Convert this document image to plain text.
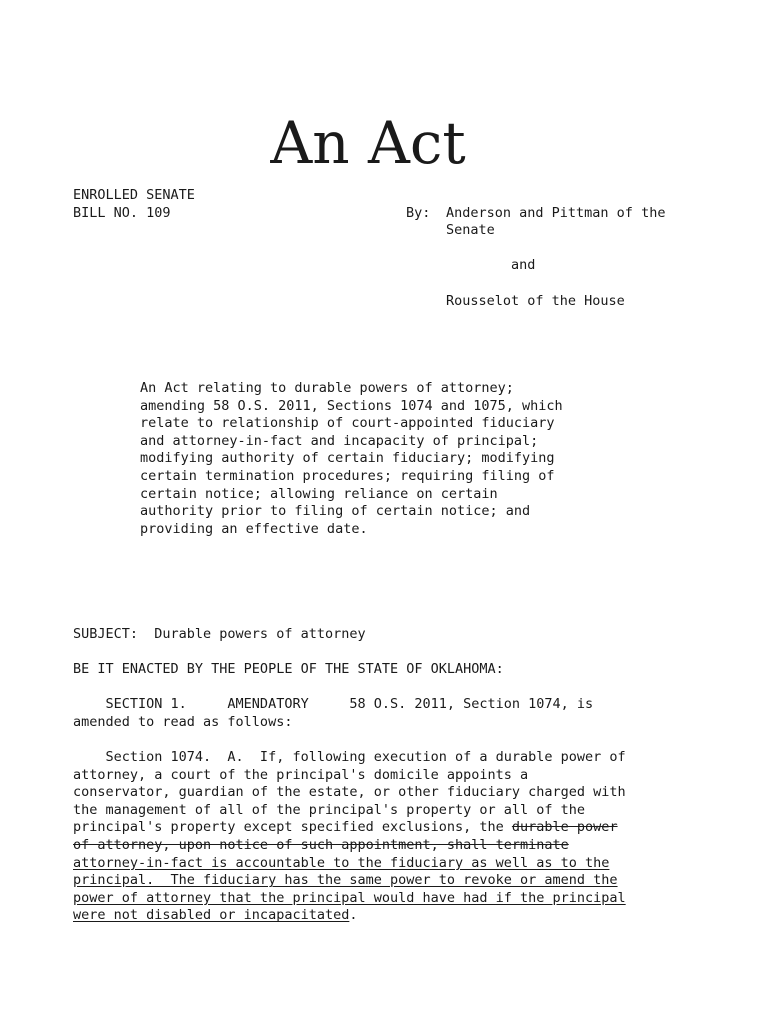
An Act
ENROLLED SENATE
BILL NO. 109	By: Anderson and Pittman of the
Senate
and
Rousselot of the House
An Act relating to durable powers of attorney;
amending 58 O.S. 2011, Sections 1074 and 1075, which
relate to relationship of court-appointed fiduciary
and attorney-in-fact and incapacity of principal;
modifying authority of certain fiduciary; modifying
certain termination procedures; requiring filing of
certain notice; allowing reliance on certain
authority prior to filing of certain notice; and
providing an effective date.
SUBJECT:  Durable powers of attorney
BE IT ENACTED BY THE PEOPLE OF THE STATE OF OKLAHOMA:
SECTION 1.     AMENDATORY     58 O.S. 2011, Section 1074, is
amended to read as follows:
Section 1074.  A.  If, following execution of a durable power of
attorney, a court of the principal's domicile appoints a
conservator, guardian of the estate, or other fiduciary charged with
the management of all of the principal's property or all of the
principal's property except specified exclusions, the durable power
of attorney, upon notice of such appointment, shall terminate
attorney-in-fact is accountable to the fiduciary as well as to the
principal.  The fiduciary has the same power to revoke or amend the
power of attorney that the principal would have had if the principal
were not disabled or incapacitated.
